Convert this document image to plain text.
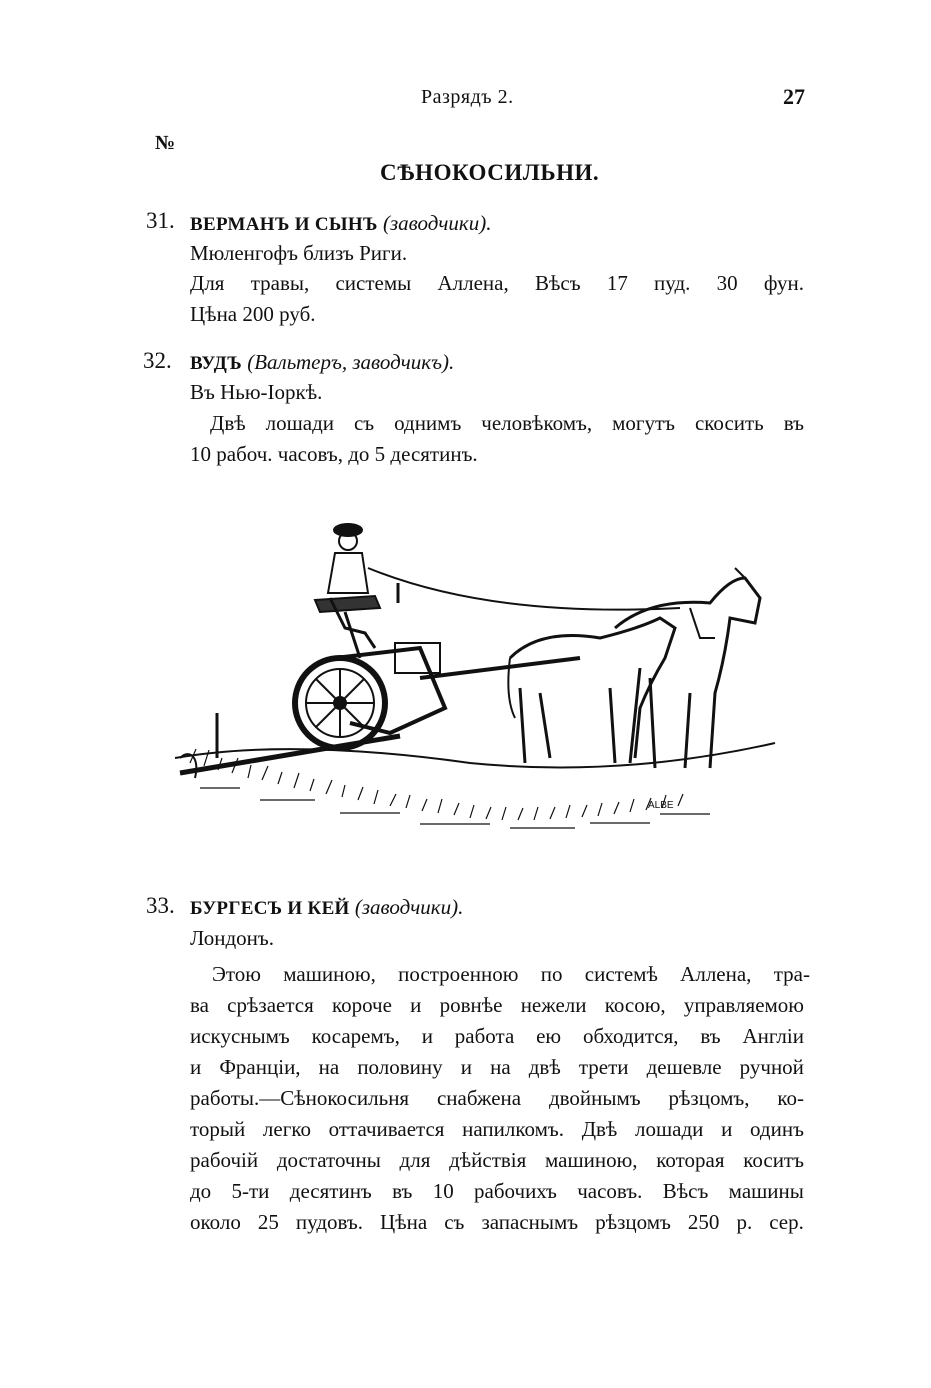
Разрядъ 2.	27
№
СѢНОКОСИЛЬНИ.
31. ВЕРМАНЪ И СЫНЪ (заводчики).
Мюленгофъ близъ Риги.
Для травы, системы Аллена, Вѣсъ 17 пуд. 30 фун.
Цѣна 200 руб.
32. ВУДЪ (Вальтеръ, заводчикъ).
Въ Нью-Іоркѣ.
Двѣ лошади съ однимъ человѣкомъ, могутъ скосить въ
10 рабоч. часовъ, до 5 десятинъ.
ALBE
33. БУРГЕСЪ И КЕЙ (заводчики).
Лондонъ.
Этою машиною, построенною по системѣ Аллена, тра-
ва срѣзается короче и ровнѣе нежели косою, управляемою
искуснымъ косаремъ, и работа ею обходится, въ Англіи
и Франціи, на половину и на двѣ трети дешевле ручной
работы.—Сѣнокосильня снабжена двойнымъ рѣзцомъ, ко-
торый легко оттачивается напилкомъ. Двѣ лошади и одинъ
рабочій достаточны для дѣйствія машиною, которая коситъ
до 5-ти десятинъ въ 10 рабочихъ часовъ. Вѣсъ машины
около 25 пудовъ. Цѣна съ запаснымъ рѣзцомъ 250 р. сер.
